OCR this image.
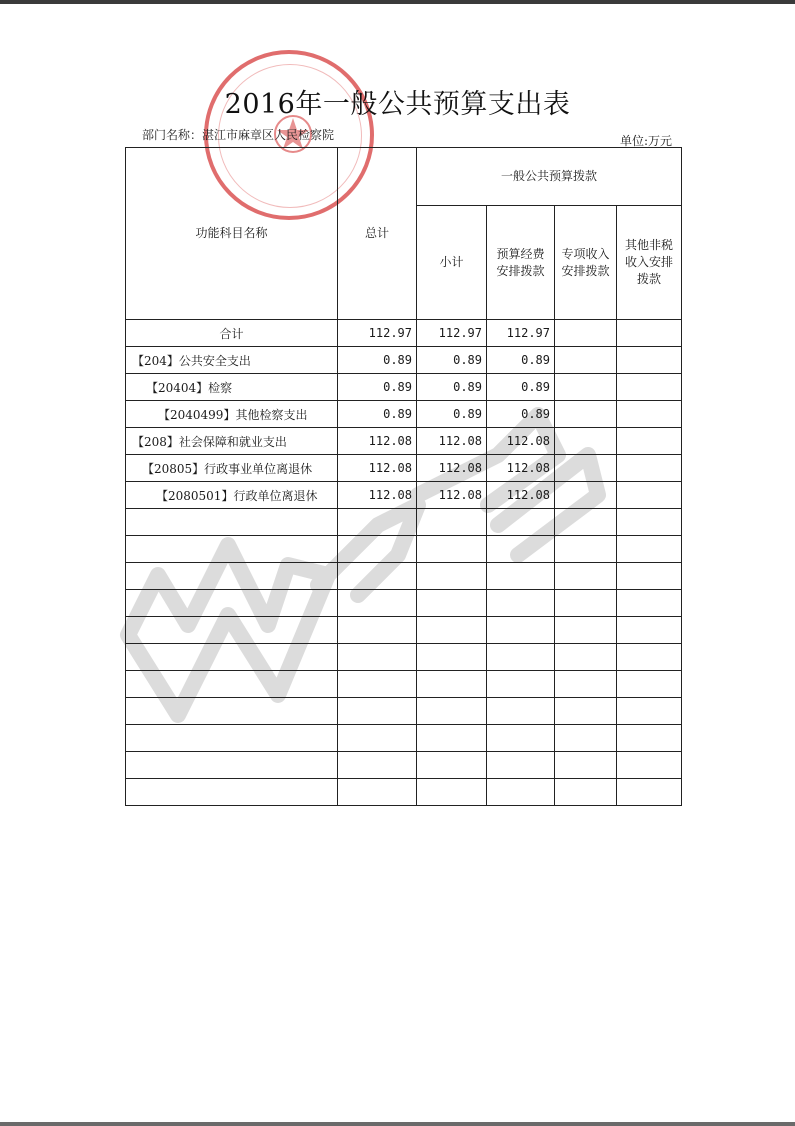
2016年一般公共预算支出表
部门名称：湛江市麻章区人民检察院	单位:万元
功能科目名称	总计	一般公共预算拨款			
		小计	预算经费安排拨款	专项收入安排拨款	其他非税收入安排拨款
合计	112.97	112.97	112.97		
【204】公共安全支出	0.89	0.89	0.89		
【20404】检察	0.89	0.89	0.89		
【2040499】其他检察支出	0.89	0.89	0.89		
【208】社会保障和就业支出	112.08	112.08	112.08		
【20805】行政事业单位离退休	112.08	112.08	112.08		
【2080501】行政单位离退休	112.08	112.08	112.08		
